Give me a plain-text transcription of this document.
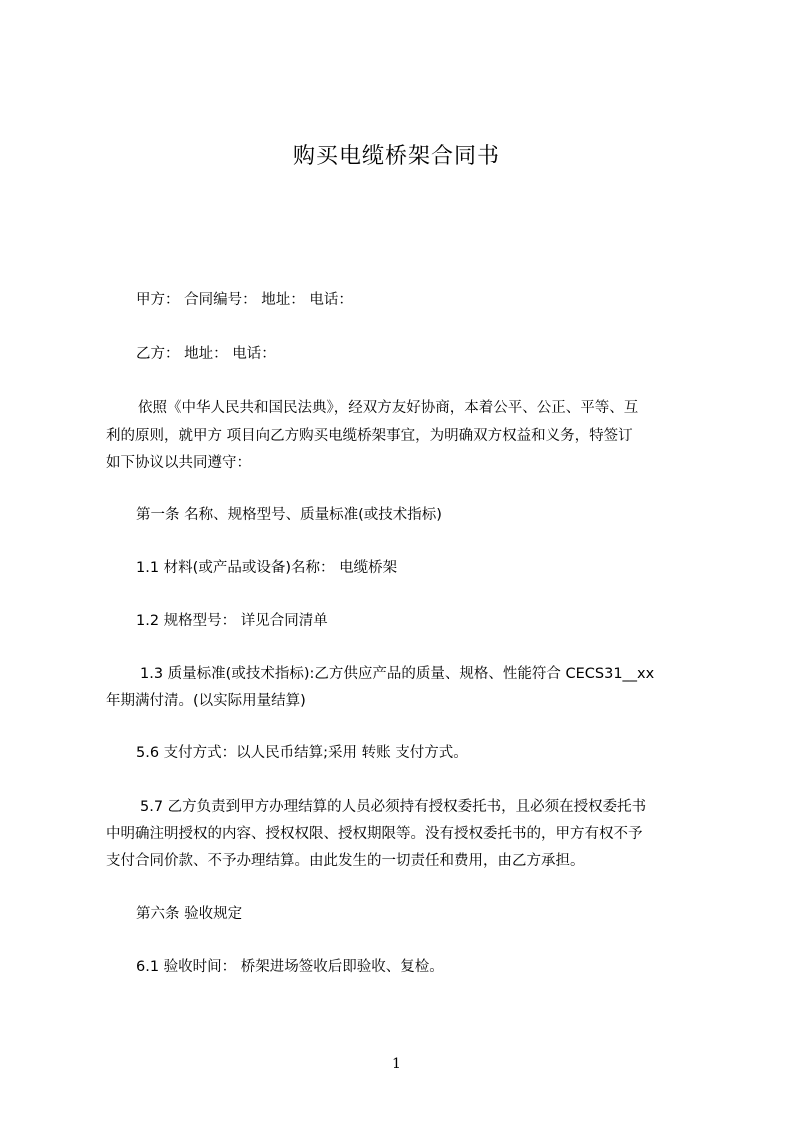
购买电缆桥架合同书
甲方： 合同编号： 地址： 电话：
乙方： 地址： 电话：
依照《中华人民共和国民法典》，经双方友好协商，本着公平、公正、平等、互
利的原则，就甲方 项目向乙方购买电缆桥架事宜，为明确双方权益和义务，特签订
如下协议以共同遵守：
第一条 名称、规格型号、质量标准(或技术指标)
1.1 材料(或产品或设备)名称： 电缆桥架
1.2 规格型号： 详见合同清单
1.3 质量标准(或技术指标):乙方供应产品的质量、规格、性能符合 CECS31__xx
年期满付清。(以实际用量结算)
5.6 支付方式：以人民币结算;采用 转账 支付方式。
5.7 乙方负责到甲方办理结算的人员必须持有授权委托书，且必须在授权委托书
中明确注明授权的内容、授权权限、授权期限等。没有授权委托书的，甲方有权不予
支付合同价款、不予办理结算。由此发生的一切责任和费用，由乙方承担。
第六条 验收规定
6.1 验收时间： 桥架进场签收后即验收、复检。
1
